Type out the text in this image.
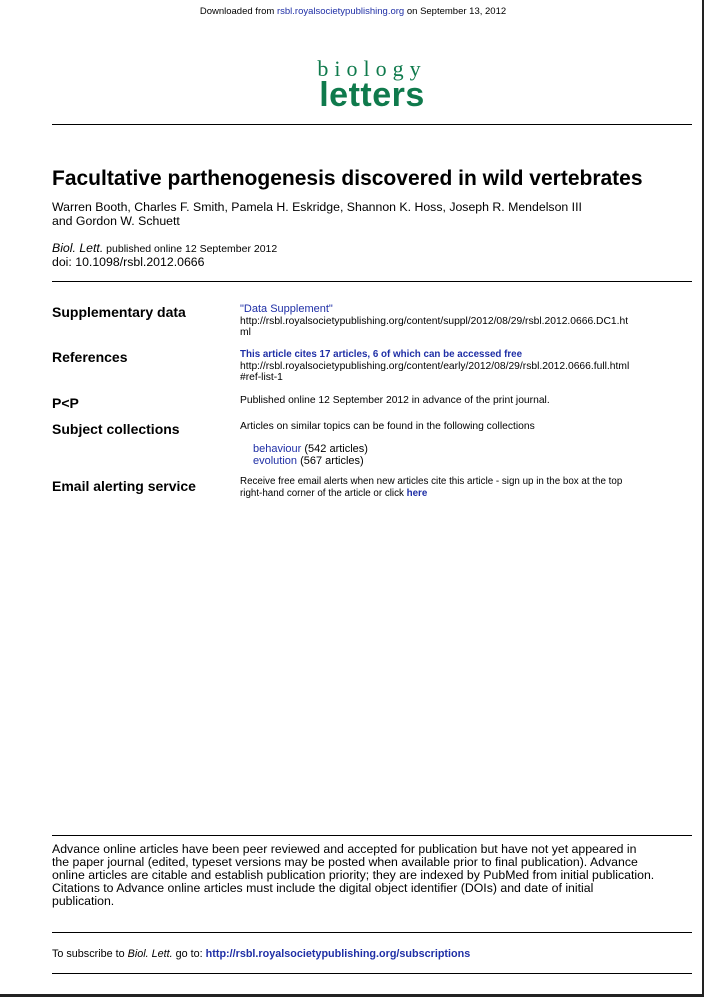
Downloaded from rsbl.royalsocietypublishing.org on September 13, 2012
biology
letters
Facultative parthenogenesis discovered in wild vertebrates
Warren Booth, Charles F. Smith, Pamela H. Eskridge, Shannon K. Hoss, Joseph R. Mendelson III
and Gordon W. Schuett
Biol. Lett. published online 12 September 2012
doi: 10.1098/rsbl.2012.0666
Supplementary data	"Data Supplement"
http://rsbl.royalsocietypublishing.org/content/suppl/2012/08/29/rsbl.2012.0666.DC1.ht
ml
References	This article cites 17 articles, 6 of which can be accessed free
http://rsbl.royalsocietypublishing.org/content/early/2012/08/29/rsbl.2012.0666.full.html
#ref-list-1
P<P	Published online 12 September 2012 in advance of the print journal.
Subject collections	Articles on similar topics can be found in the following collections
behaviour (542 articles)
evolution (567 articles)
Email alerting service	Receive free email alerts when new articles cite this article - sign up in the box at the top
right-hand corner of the article or click here
Advance online articles have been peer reviewed and accepted for publication but have not yet appeared in
the paper journal (edited, typeset versions may be posted when available prior to final publication). Advance
online articles are citable and establish publication priority; they are indexed by PubMed from initial publication.
Citations to Advance online articles must include the digital object identifier (DOIs) and date of initial
publication.
To subscribe to Biol. Lett. go to: http://rsbl.royalsocietypublishing.org/subscriptions
